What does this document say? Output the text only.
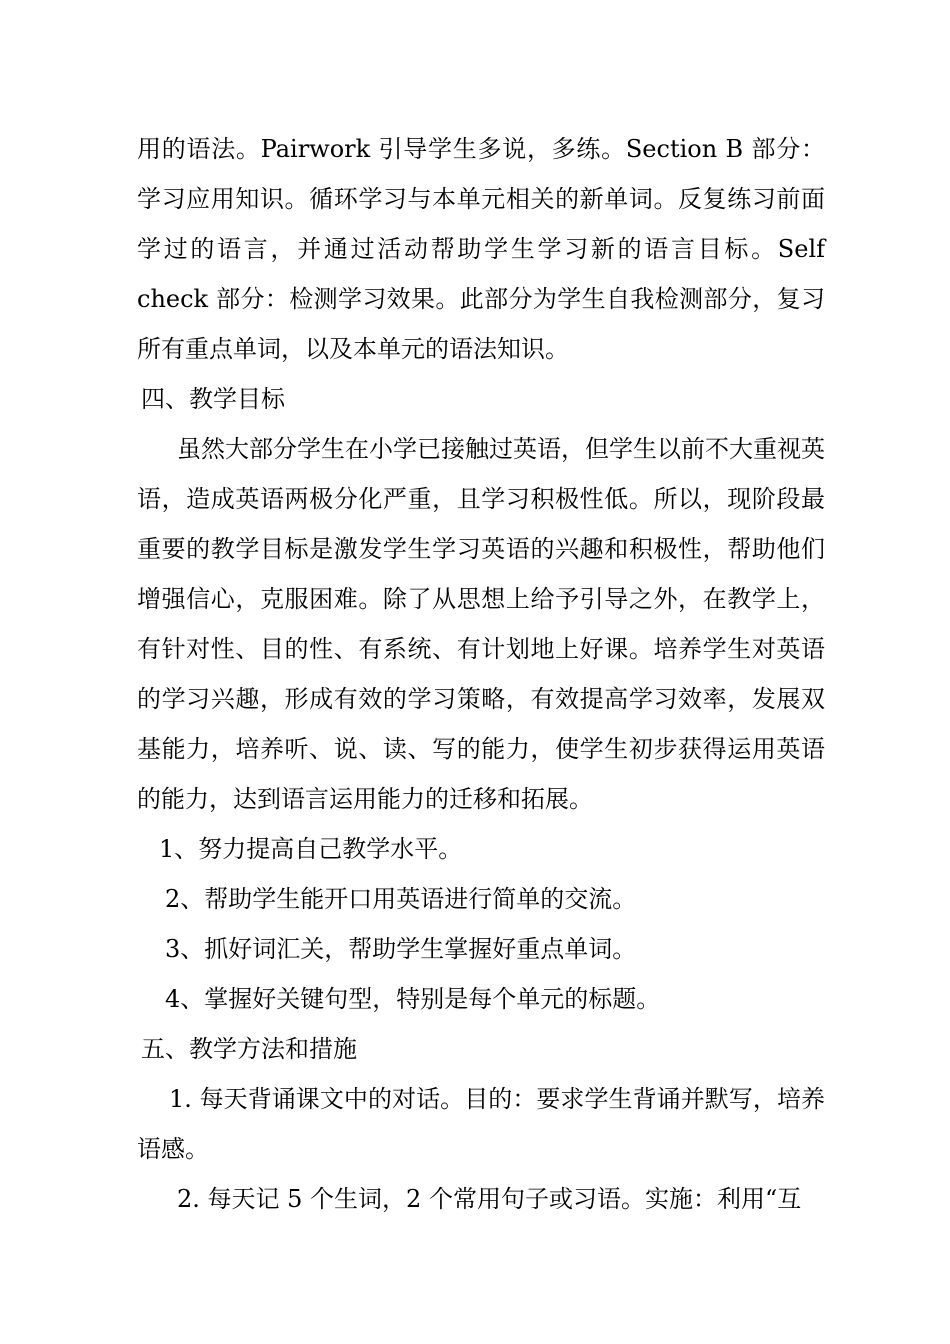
用的语法。Pairwork 引导学生多说，多练。Section B 部分：学习应用知识。循环学习与本单元相关的新单词。反复练习前面学过的语言，并通过活动帮助学生学习新的语言目标。Self check 部分：检测学习效果。此部分为学生自我检测部分，复习所有重点单词，以及本单元的语法知识。

四、教学目标

虽然大部分学生在小学已接触过英语，但学生以前不大重视英语，造成英语两极分化严重，且学习积极性低。所以，现阶段最重要的教学目标是激发学生学习英语的兴趣和积极性，帮助他们增强信心，克服困难。除了从思想上给予引导之外，在教学上，有针对性、目的性、有系统、有计划地上好课。培养学生对英语的学习兴趣，形成有效的学习策略，有效提高学习效率，发展双基能力，培养听、说、读、写的能力，使学生初步获得运用英语的能力，达到语言运用能力的迁移和拓展。

1、努力提高自己教学水平。

2、帮助学生能开口用英语进行简单的交流。

3、抓好词汇关，帮助学生掌握好重点单词。

4、掌握好关键句型，特别是每个单元的标题。

五、教学方法和措施

1. 每天背诵课文中的对话。目的：要求学生背诵并默写，培养语感。

2. 每天记 5 个生词，2 个常用句子或习语。实施：利用“互
